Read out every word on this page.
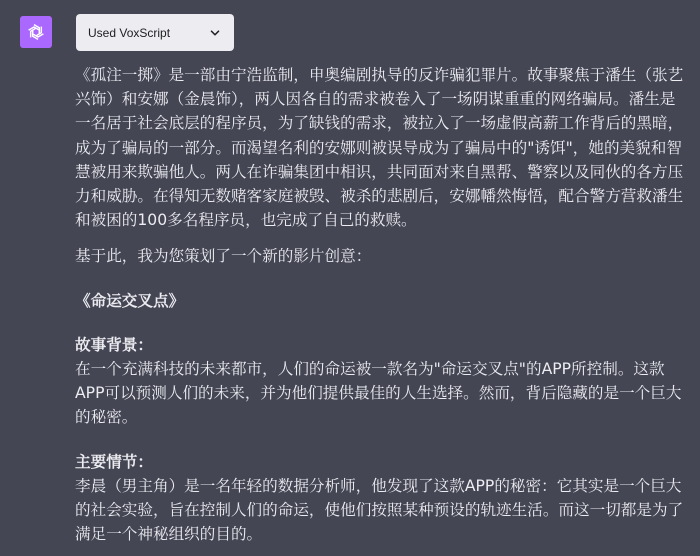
Used VoxScript

《孤注一掷》是一部由宁浩监制，申奥编剧执导的反诈骗犯罪片。故事聚焦于潘生（张艺兴饰）和安娜（金晨饰），两人因各自的需求被卷入了一场阴谋重重的网络骗局。潘生是一名居于社会底层的程序员，为了缺钱的需求，被拉入了一场虚假高薪工作背后的黑暗，成为了骗局的一部分。而渴望名利的安娜则被误导成为了骗局中的"诱饵"，她的美貌和智慧被用来欺骗他人。两人在诈骗集团中相识，共同面对来自黑帮、警察以及同伙的各方压力和威胁。在得知无数赌客家庭被毁、被杀的悲剧后，安娜幡然悔悟，配合警方营救潘生和被困的100多名程序员，也完成了自己的救赎。

基于此，我为您策划了一个新的影片创意：

《命运交叉点》

故事背景：

在一个充满科技的未来都市，人们的命运被一款名为"命运交叉点"的APP所控制。这款APP可以预测人们的未来，并为他们提供最佳的人生选择。然而，背后隐藏的是一个巨大的秘密。

主要情节：

李晨（男主角）是一名年轻的数据分析师，他发现了这款APP的秘密：它其实是一个巨大的社会实验，旨在控制人们的命运，使他们按照某种预设的轨迹生活。而这一切都是为了满足一个神秘组织的目的。
